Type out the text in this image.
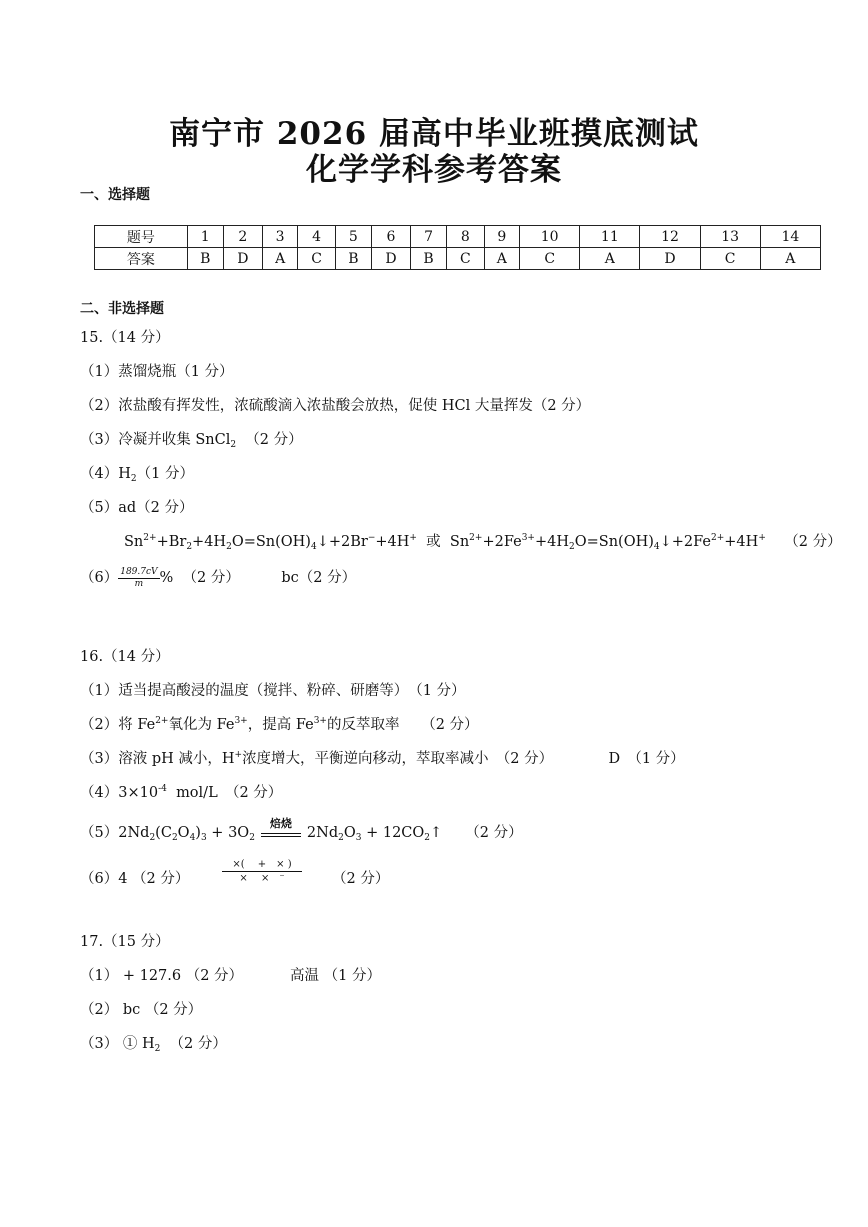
南宁市 2026 届高中毕业班摸底测试
化学学科参考答案
一、选择题
题号	1	2	3	4	5	6	7	8	9	10	11	12	13	14
答案	B	D	A	C	B	D	B	C	A	C	A	D	C	A
二、非选择题
15.（14 分）
（1）蒸馏烧瓶（1 分）
（2）浓盐酸有挥发性，浓硫酸滴入浓盐酸会放热，促使 HCl 大量挥发（2 分）
（3）冷凝并收集 SnCl$_2$ （2 分）
$(4)H_2(1$ 分）
（5）ad（2 分）
$Sn^{2+}+Br_2+4H_2O=Sn(OH)_4↓+2Br^-+4H^+$ 或  $Sn^{2+}+2Fe^{3+}+4H_2O=Sn(OH)_4↓+2Fe^{2+}+4H^+$ （2 分）
$(6) \frac{189.7cV}{m}$ % （2 分）	bc（2 分）
16.（14 分）
（1）适当提高酸浸的温度（搅拌、粉碎、研磨等）　（1 分）
（2）将 $Fe^{2+}$氧化为 $Fe^{3+}$，提高 $Fe^{3+}$的反萃取率　　（2 分）
（3）溶液 pH 减小，H+浓度增大，平衡逆向移动，萃取率减小　（2 分）	D　（1 分）
$(4)3\times 10^{-4}$ mol/L　（2 分）
$(5)2Nd_2(C_2O_4)_3 + 3O_2$
焙烧
$2Nd_2O_3$ + $12CO_2↑$     （2 分）
（6）4 （2 分）
×(　 +　× )
×　 ×　⁻	（2 分）
17.（15 分）
（1） + 127.6 （2 分）	高温 （1 分）
（2） bc （2 分）
（3） ① $H_2$ （2 分）
